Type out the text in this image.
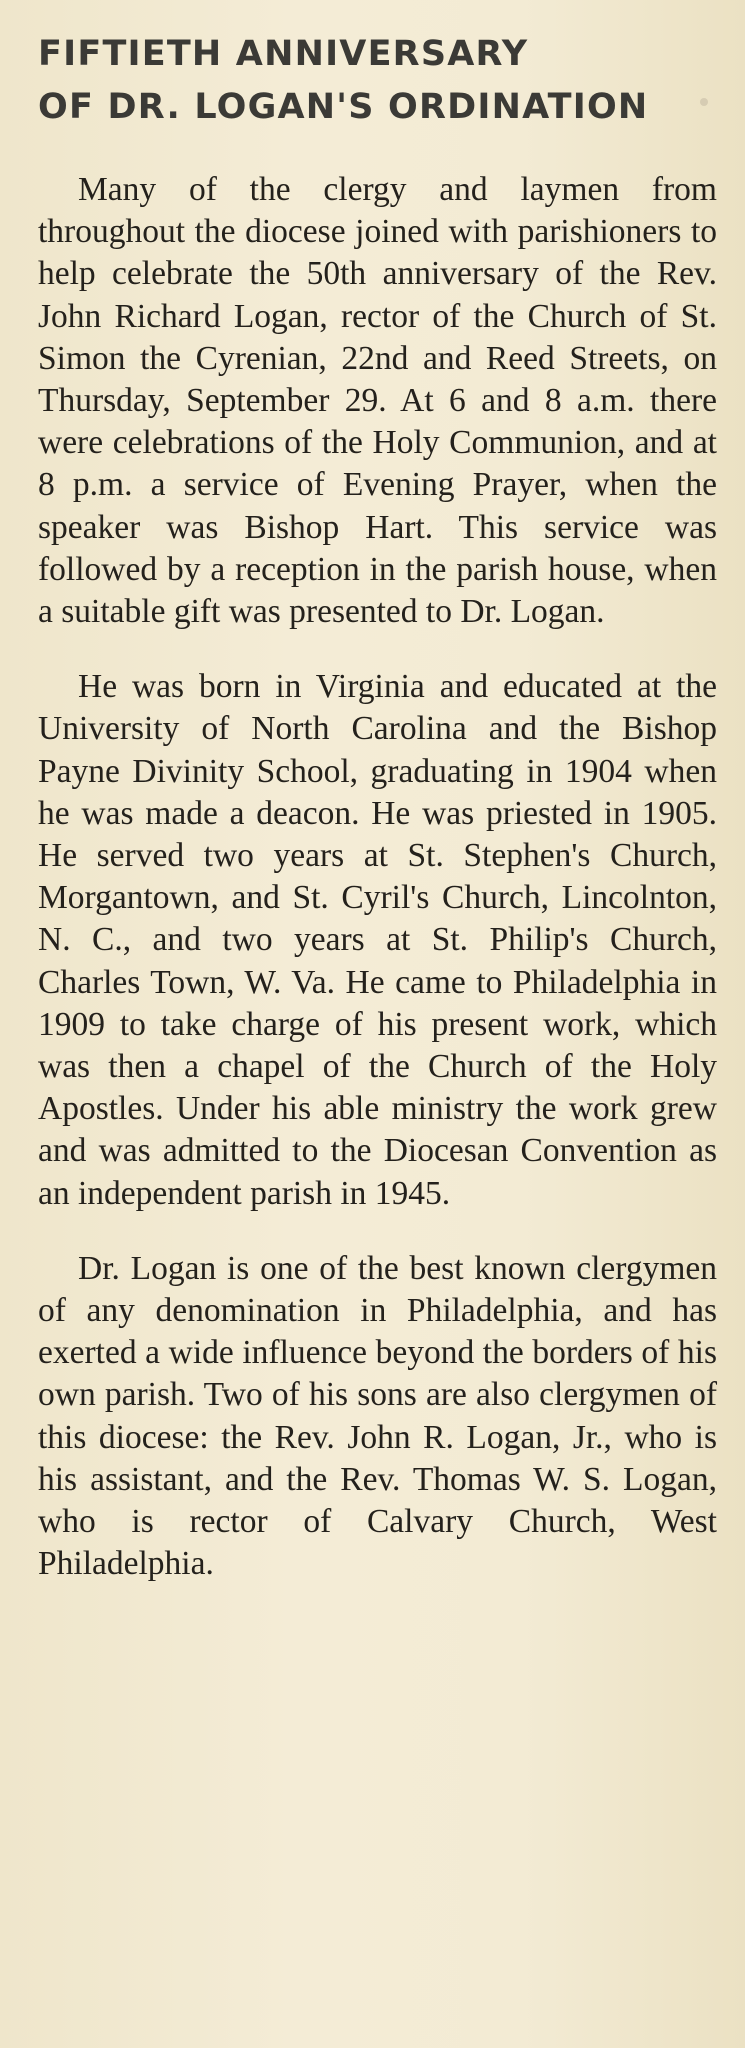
FIFTIETH ANNIVERSARY
OF DR. LOGAN'S ORDINATION

Many of the clergy and laymen from throughout the diocese joined with parishioners to help celebrate the 50th anniversary of the Rev. John Richard Logan, rector of the Church of St. Simon the Cyrenian, 22nd and Reed Streets, on Thursday, September 29. At 6 and 8 a.m. there were celebrations of the Holy Communion, and at 8 p.m. a service of Evening Prayer, when the speaker was Bishop Hart. This service was followed by a reception in the parish house, when a suitable gift was presented to Dr. Logan.

He was born in Virginia and educated at the University of North Carolina and the Bishop Payne Divinity School, graduating in 1904 when he was made a deacon. He was priested in 1905. He served two years at St. Stephen's Church, Morgantown, and St. Cyril's Church, Lincolnton, N. C., and two years at St. Philip's Church, Charles Town, W. Va. He came to Philadelphia in 1909 to take charge of his present work, which was then a chapel of the Church of the Holy Apostles. Under his able ministry the work grew and was admitted to the Diocesan Convention as an independent parish in 1945.

Dr. Logan is one of the best known clergymen of any denomination in Philadelphia, and has exerted a wide influence beyond the borders of his own parish. Two of his sons are also clergymen of this diocese: the Rev. John R. Logan, Jr., who is his assistant, and the Rev. Thomas W. S. Logan, who is rector of Calvary Church, West Philadelphia.
